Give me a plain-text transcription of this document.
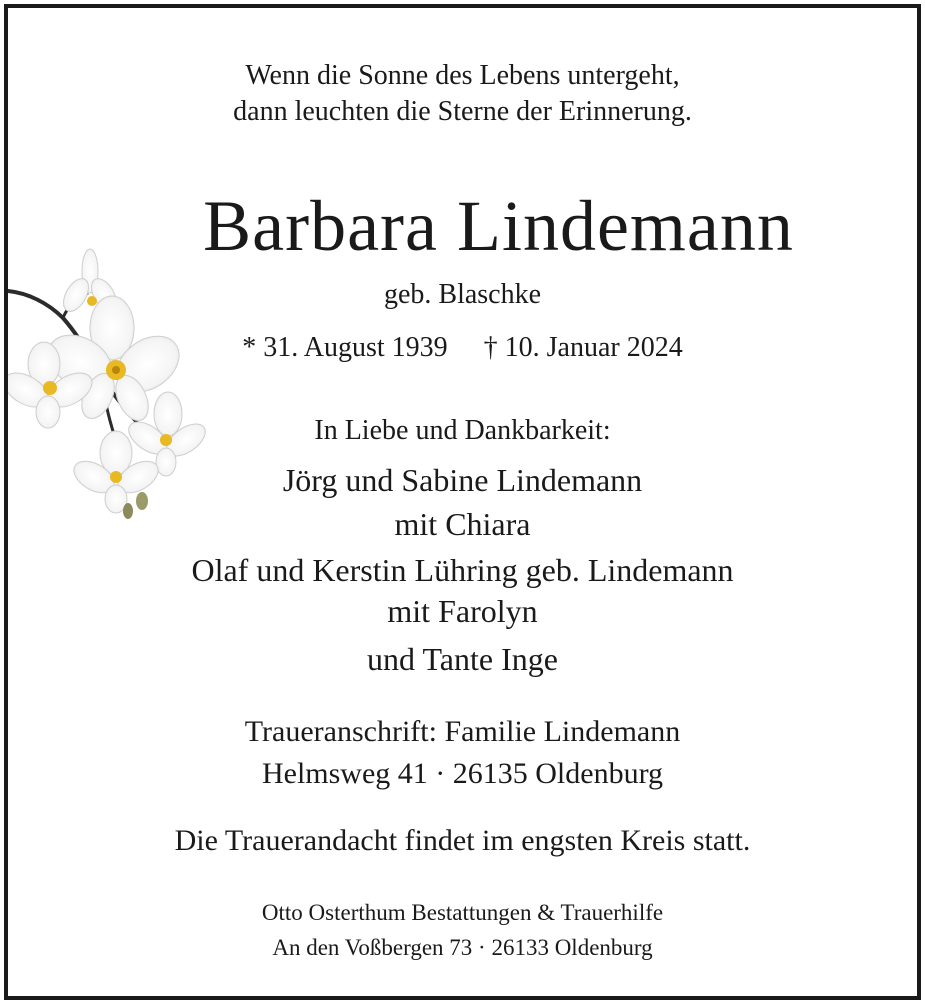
Wenn die Sonne des Lebens untergeht,
dann leuchten die Sterne der Erinnerung.
Barbara Lindemann
geb. Blaschke
* 31. August 1939 † 10. Januar 2024
In Liebe und Dankbarkeit:
Jörg und Sabine Lindemann
mit Chiara
Olaf und Kerstin Lühring geb. Lindemann
mit Farolyn
und Tante Inge
Traueranschrift: Familie Lindemann
Helmsweg 41 · 26135 Oldenburg
Die Trauerandacht findet im engsten Kreis statt.
Otto Osterthum Bestattungen & Trauerhilfe
An den Voßbergen 73 · 26133 Oldenburg
